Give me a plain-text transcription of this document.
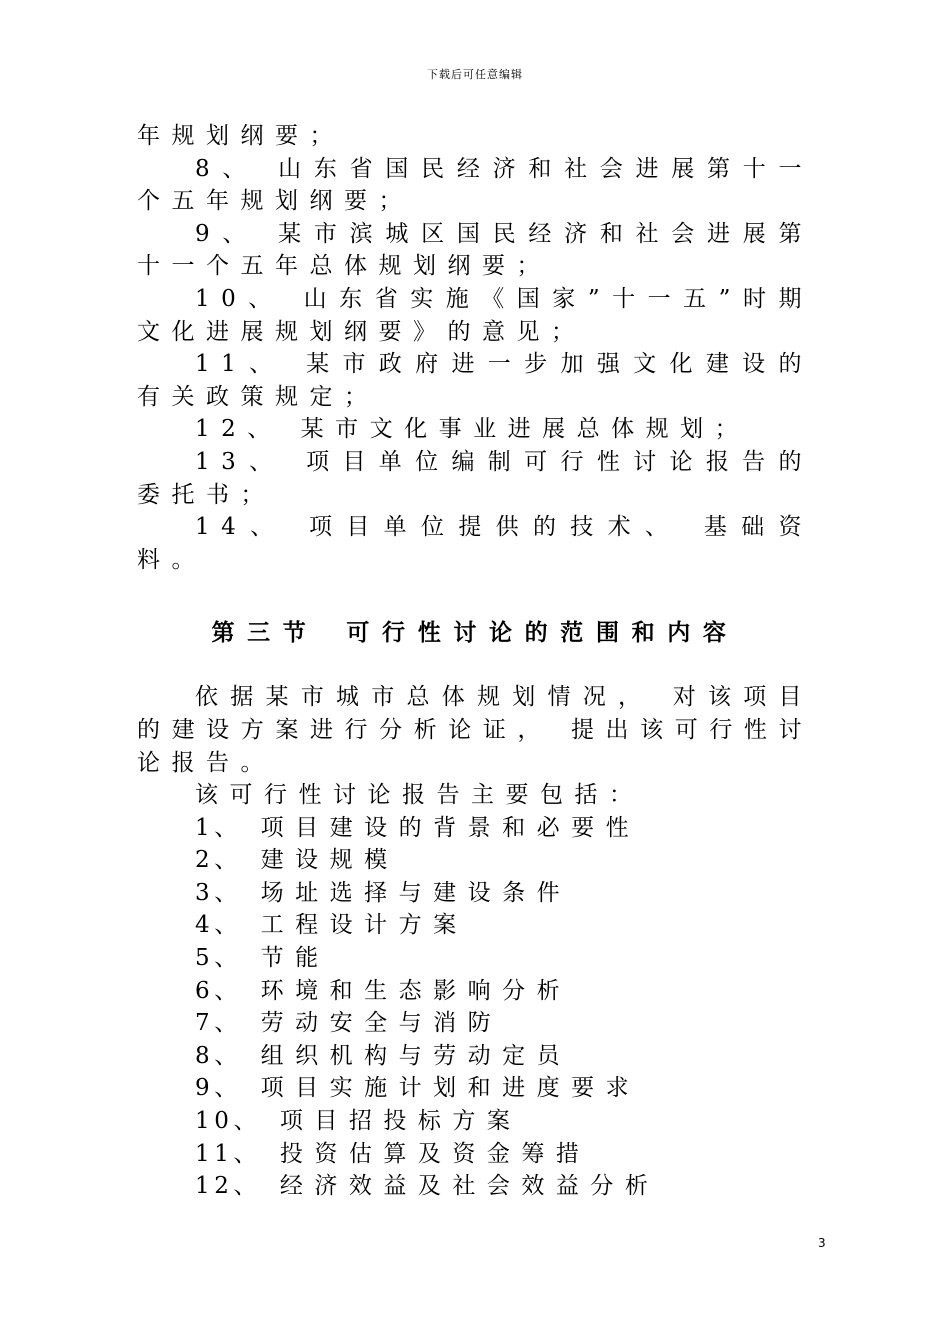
下载后可任意编辑

年规划纲要；

8、 山东省国民经济和社会进展第十一个五年规划纲要；

9、 某市滨城区国民经济和社会进展第十一个五年总体规划纲要；

10、 山东省实施《国家”十一五”时期文化进展规划纲要》的意见；

11、 某市政府进一步加强文化建设的有关政策规定；

12、 某市文化事业进展总体规划；

13、 项目单位编制可行性讨论报告的委托书；

14、 项目单位提供的技术、 基础资料。

第三节 可行性讨论的范围和内容

依据某市城市总体规划情况， 对该项目的建设方案进行分析论证， 提出该可行性讨论报告。

该可行性讨论报告主要包括：

1、 项目建设的背景和必要性

2、 建设规模

3、 场址选择与建设条件

4、 工程设计方案

5、 节能

6、 环境和生态影响分析

7、 劳动安全与消防

8、 组织机构与劳动定员

9、 项目实施计划和进度要求

10、 项目招投标方案

11、 投资估算及资金筹措

12、 经济效益及社会效益分析

3
